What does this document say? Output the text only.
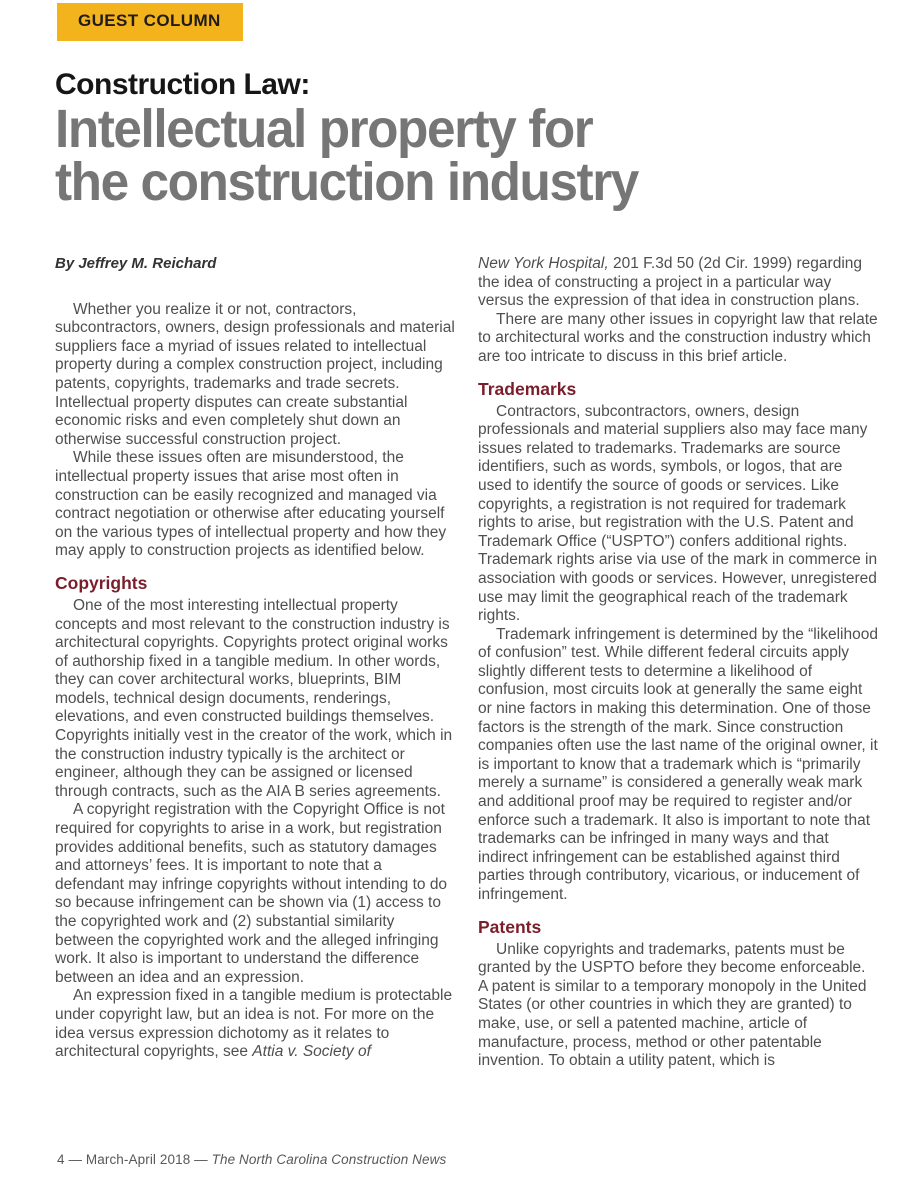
GUEST COLUMN
Construction Law:
Intellectual property for
the construction industry

By Jeffrey M. Reichard

Whether you realize it or not, contractors, subcontractors, owners, design professionals and material suppliers face a myriad of issues related to intellectual property during a complex construction project, including patents, copyrights, trademarks and trade secrets. Intellectual property disputes can create substantial economic risks and even completely shut down an otherwise successful construction project.

While these issues often are misunderstood, the intellectual property issues that arise most often in construction can be easily recognized and managed via contract negotiation or otherwise after educating yourself on the various types of intellectual property and how they may apply to construction projects as identified below.

Copyrights

One of the most interesting intellectual property concepts and most relevant to the construction industry is architectural copyrights. Copyrights protect original works of authorship fixed in a tangible medium. In other words, they can cover architectural works, blueprints, BIM models, technical design documents, renderings, elevations, and even constructed buildings themselves. Copyrights initially vest in the creator of the work, which in the construction industry typically is the architect or engineer, although they can be assigned or licensed through contracts, such as the AIA B series agreements.

A copyright registration with the Copyright Office is not required for copyrights to arise in a work, but registration provides additional benefits, such as statutory damages and attorneys’ fees. It is important to note that a defendant may infringe copyrights without intending to do so because infringement can be shown via (1) access to the copyrighted work and (2) substantial similarity between the copyrighted work and the alleged infringing work. It also is important to understand the difference between an idea and an expression.

An expression fixed in a tangible medium is protectable under copyright law, but an idea is not. For more on the idea versus expression dichotomy as it relates to architectural copyrights, see Attia v. Society of

New York Hospital, 201 F.3d 50 (2d Cir. 1999) regarding the idea of constructing a project in a particular way versus the expression of that idea in construction plans.

There are many other issues in copyright law that relate to architectural works and the construction industry which are too intricate to discuss in this brief article.

Trademarks

Contractors, subcontractors, owners, design professionals and material suppliers also may face many issues related to trademarks. Trademarks are source identifiers, such as words, symbols, or logos, that are used to identify the source of goods or services. Like copyrights, a registration is not required for trademark rights to arise, but registration with the U.S. Patent and Trademark Office (“USPTO”) confers additional rights. Trademark rights arise via use of the mark in commerce in association with goods or services. However, unregistered use may limit the geographical reach of the trademark rights.

Trademark infringement is determined by the “likelihood of confusion” test. While different federal circuits apply slightly different tests to determine a likelihood of confusion, most circuits look at generally the same eight or nine factors in making this determination. One of those factors is the strength of the mark. Since construction companies often use the last name of the original owner, it is important to know that a trademark which is “primarily merely a surname” is considered a generally weak mark and additional proof may be required to register and/or enforce such a trademark. It also is important to note that trademarks can be infringed in many ways and that indirect infringement can be established against third parties through contributory, vicarious, or inducement of infringement.

Patents

Unlike copyrights and trademarks, patents must be granted by the USPTO before they become enforceable. A patent is similar to a temporary monopoly in the United States (or other countries in which they are granted) to make, use, or sell a patented machine, article of manufacture, process, method or other patentable invention. To obtain a utility patent, which is

4 — March-April 2018 — The North Carolina Construction News
